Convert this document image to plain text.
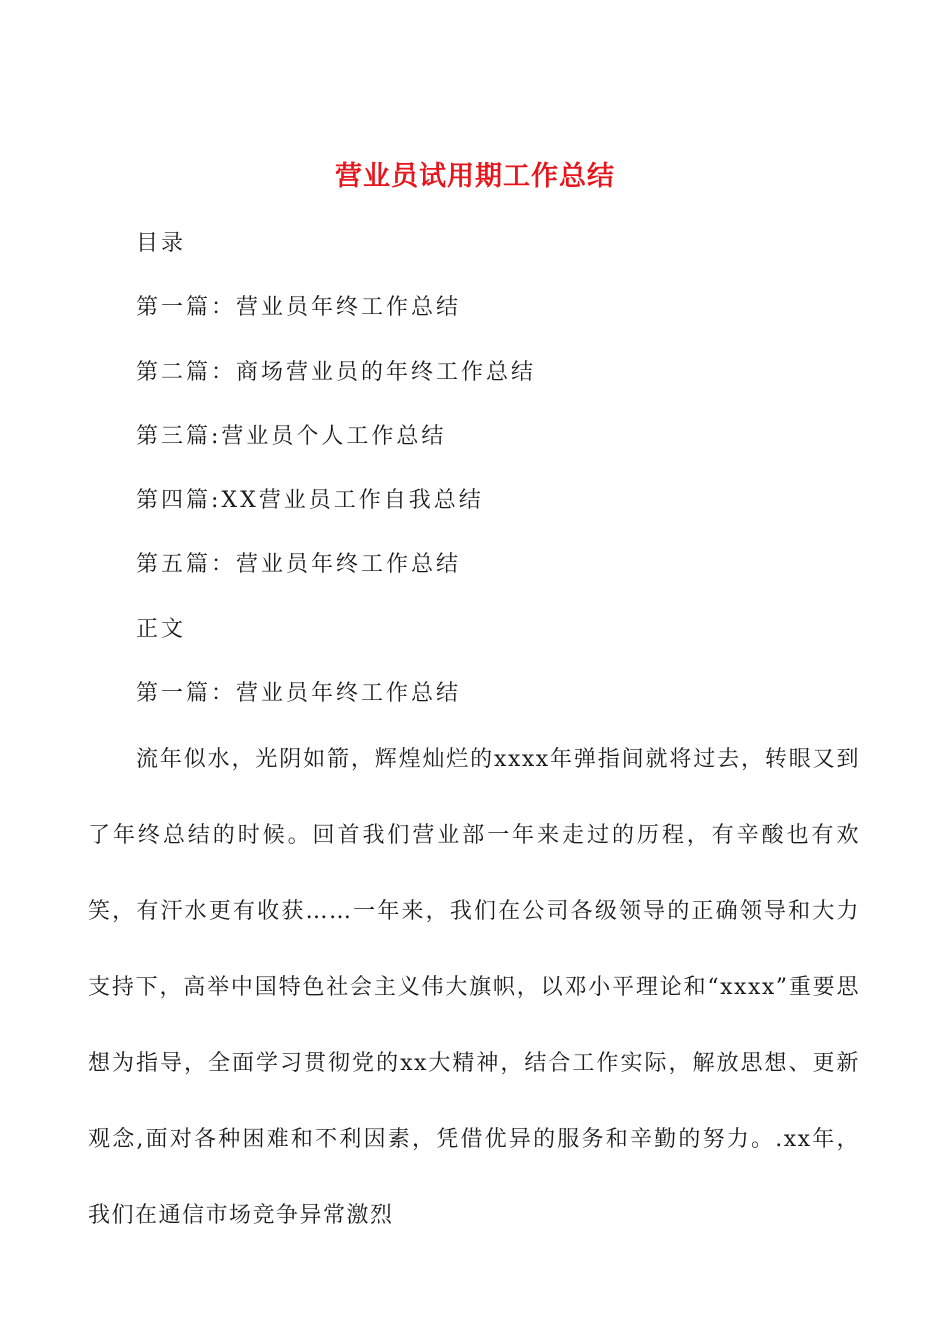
营业员试用期工作总结

目录

第一篇：营业员年终工作总结

第二篇：商场营业员的年终工作总结

第三篇:营业员个人工作总结

第四篇:XX营业员工作自我总结

第五篇：营业员年终工作总结

正文

第一篇：营业员年终工作总结

流年似水，光阴如箭，辉煌灿烂的xxxx年弹指间就将过去，转眼又到了年终总结的时候。回首我们营业部一年来走过的历程，有辛酸也有欢笑，有汗水更有收获……一年来，我们在公司各级领导的正确领导和大力支持下，高举中国特色社会主义伟大旗帜，以邓小平理论和“xxxx”重要思想为指导，全面学习贯彻党的xx大精神，结合工作实际，解放思想、更新观念,面对各种困难和不利因素，凭借优异的服务和辛勤的努力。.xx年，我们在通信市场竞争异常激烈
